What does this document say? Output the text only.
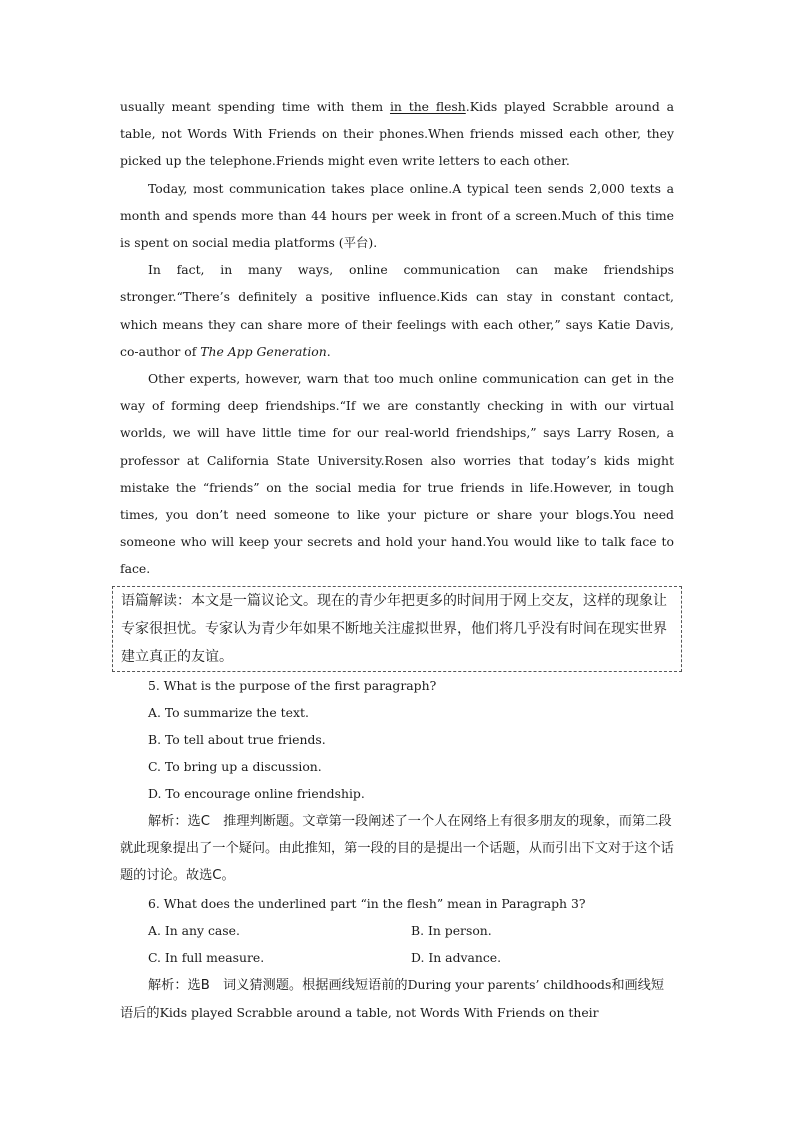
usually meant spending time with them in the flesh.Kids played Scrabble around a table, not Words With Friends on their phones.When friends missed each other, they picked up the telephone.Friends might even write letters to each other.

Today, most communication takes place online.A typical teen sends 2,000 texts a month and spends more than 44 hours per week in front of a screen.Much of this time is spent on social media platforms (平台).

In fact, in many ways, online communication can make friendships stronger.“There’s definitely a positive influence.Kids can stay in constant contact, which means they can share more of their feelings with each other,” says Katie Davis, co-author of The App Generation.

Other experts, however, warn that too much online communication can get in the way of forming deep friendships.“If we are constantly checking in with our virtual worlds, we will have little time for our real-world friendships,” says Larry Rosen, a professor at California State University.Rosen also worries that today’s kids might mistake the “friends” on the social media for true friends in life.However, in tough times, you don’t need someone to like your picture or share your blogs.You need someone who will keep your secrets and hold your hand.You would like to talk face to face.

语篇解读：本文是一篇议论文。现在的青少年把更多的时间用于网上交友，这样的现象让专家很担忧。专家认为青少年如果不断地关注虚拟世界，他们将几乎没有时间在现实世界建立真正的友谊。

5. What is the purpose of the first paragraph?

A. To summarize the text.

B. To tell about true friends.

C. To bring up a discussion.

D. To encourage online friendship.

解析：选C　推理判断题。文章第一段阐述了一个人在网络上有很多朋友的现象，而第二段就此现象提出了一个疑问。由此推知，第一段的目的是提出一个话题，从而引出下文对于这个话题的讨论。故选C。

6. What does the underlined part “in the flesh” mean in Paragraph 3?

A. In any case.	B. In person.
C. In full measure.	D. In advance.

解析：选B　词义猜测题。根据画线短语前的During your parents’ childhoods和画线短语后的Kids played Scrabble around a table, not Words With Friends on their
